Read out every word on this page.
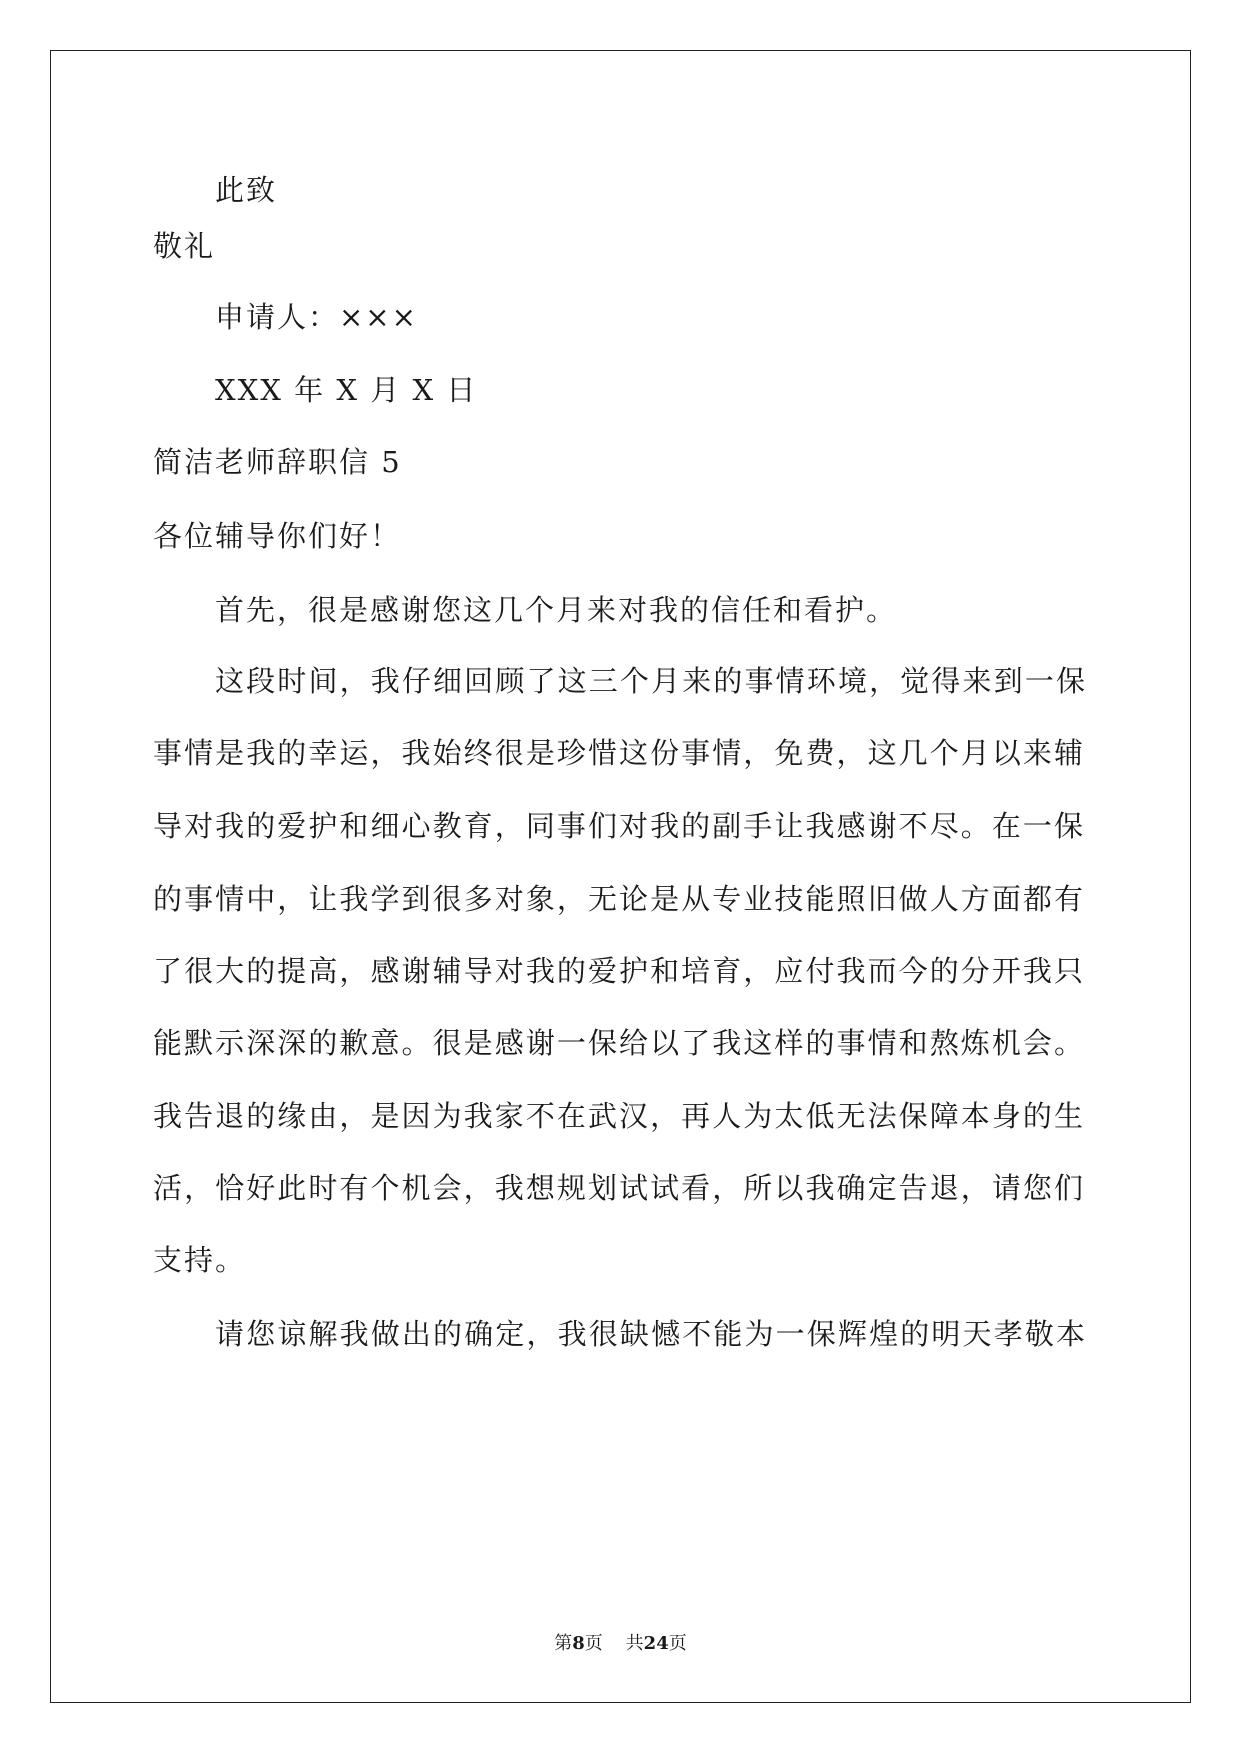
此致
敬礼
申请人：×××
XXX 年 X 月 X 日
简洁老师辞职信 5
各位辅导你们好！
首先，很是感谢您这几个月来对我的信任和看护。
这段时间，我仔细回顾了这三个月来的事情环境，觉得来到一保
事情是我的幸运，我始终很是珍惜这份事情，免费，这几个月以来辅
导对我的爱护和细心教育，同事们对我的副手让我感谢不尽。在一保
的事情中，让我学到很多对象，无论是从专业技能照旧做人方面都有
了很大的提高，感谢辅导对我的爱护和培育，应付我而今的分开我只
能默示深深的歉意。很是感谢一保给以了我这样的事情和熬炼机会。
我告退的缘由，是因为我家不在武汉，再人为太低无法保障本身的生
活，恰好此时有个机会，我想规划试试看，所以我确定告退，请您们
支持。
请您谅解我做出的确定，我很缺憾不能为一保辉煌的明天孝敬本
第8页 共24页
